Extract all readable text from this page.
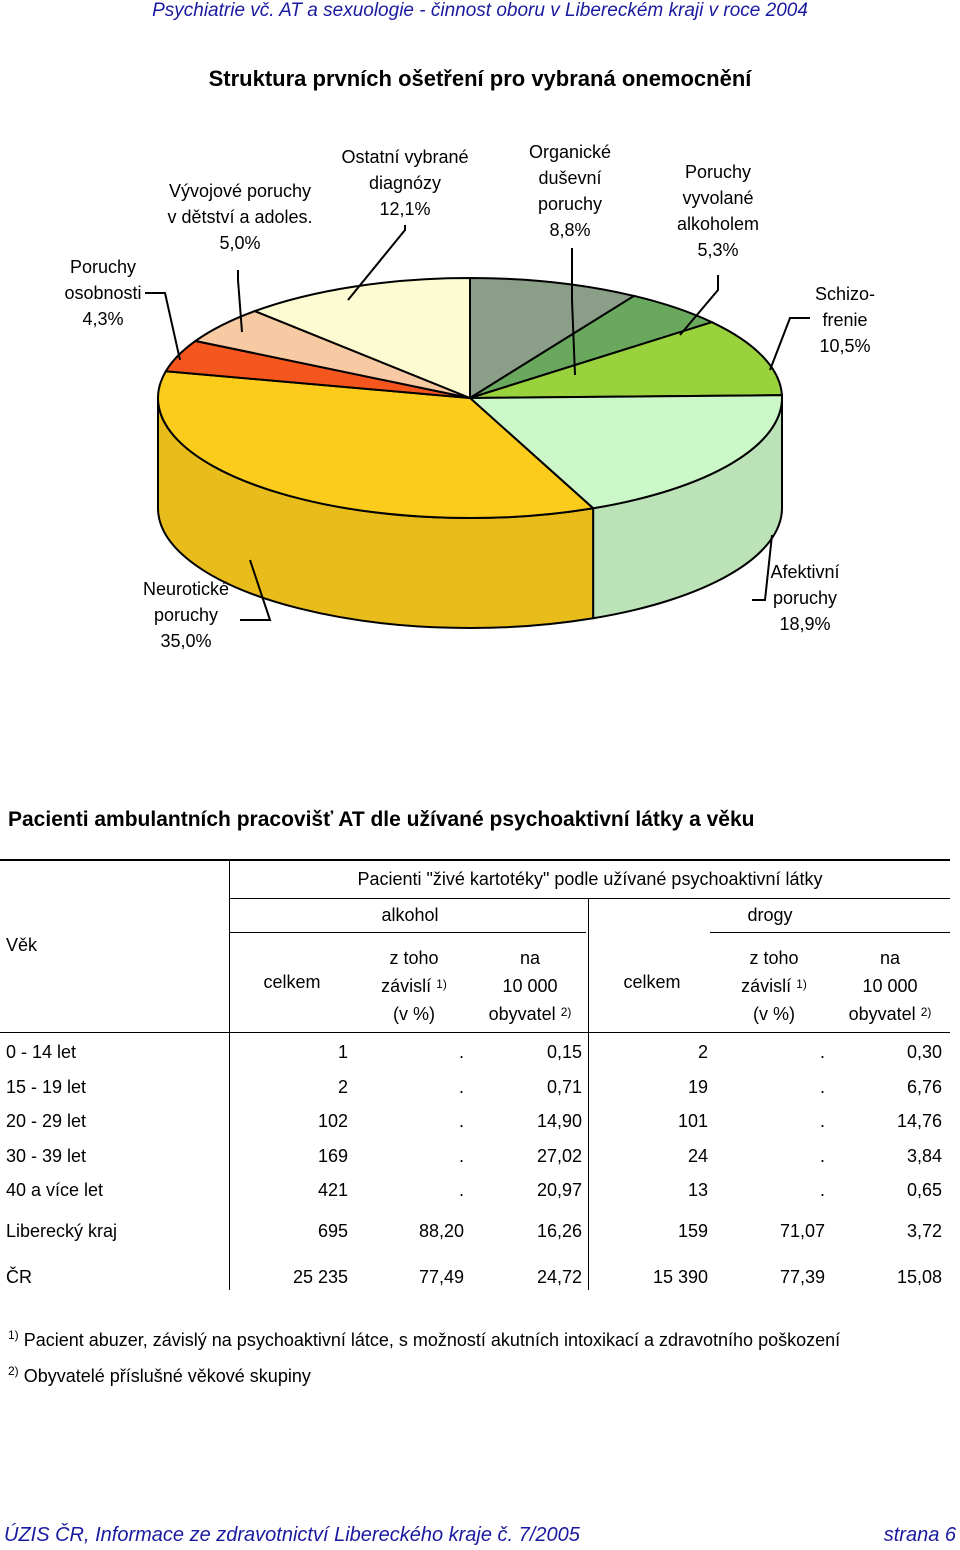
Psychiatrie vč. AT a sexuologie - činnost oboru v Libereckém kraji v roce 2004
Struktura prvních ošetření pro vybraná onemocnění
Organické duševní poruchy 8,8%
Poruchy vyvolané alkoholem 5,3%
Schizo-frenie 10,5%
Afektivní poruchy 18,9%
Neurotické poruchy 35,0%
Poruchy osobnosti 4,3%
Vývojové poruchy v dětství a adoles. 5,0%
Ostatní vybrané diagnózy 12,1%
Pacienti ambulantních pracovišť AT dle užívané psychoaktivní látky a věku
Věk
Pacienti "živé kartotéky" podle užívané psychoaktivní látky
alkohol	drogy
celkem
z toho
závislí $^{1)}$
(v %)
na
10 000
obyvatel $^{2)}$
celkem
z toho
závislí $^{1)}$
(v %)
na
10 000
obyvatel $^{2)}$
0 - 14 let	1	.	0,15	2	.	0,30
15 - 19 let	2	.	0,71	19	.	6,76
20 - 29 let	102	.	14,90	101	.	14,76
30 - 39 let	169	.	27,02	24	.	3,84
40 a více let	421	.	20,97	13	.	0,65
Liberecký kraj	695	88,20	16,26	159	71,07	3,72
ČR	25 235	77,49	24,72	15 390	77,39	15,08
$^{1)}$ Pacient abuzer, závislý na psychoaktivní látce, s možností akutních intoxikací a zdravotního poškození
$^{2)}$ Obyvatelé příslušné věkové skupiny
ÚZIS ČR, Informace ze zdravotnictví Libereckého kraje č. 7/2005	strana 6
